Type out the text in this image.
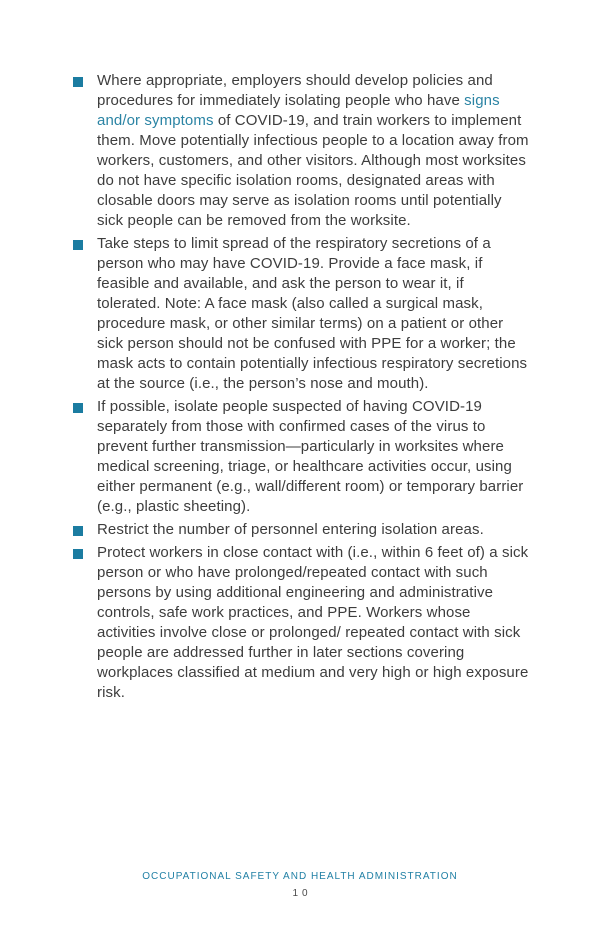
Where appropriate, employers should develop policies and procedures for immediately isolating people who have signs and/or symptoms of COVID-19, and train workers to implement them. Move potentially infectious people to a location away from workers, customers, and other visitors. Although most worksites do not have specific isolation rooms, designated areas with closable doors may serve as isolation rooms until potentially sick people can be removed from the worksite.
Take steps to limit spread of the respiratory secretions of a person who may have COVID-19. Provide a face mask, if feasible and available, and ask the person to wear it, if tolerated. Note: A face mask (also called a surgical mask, procedure mask, or other similar terms) on a patient or other sick person should not be confused with PPE for a worker; the mask acts to contain potentially infectious respiratory secretions at the source (i.e., the person’s nose and mouth).
If possible, isolate people suspected of having COVID-19 separately from those with confirmed cases of the virus to prevent further transmission—particularly in worksites where medical screening, triage, or healthcare activities occur, using either permanent (e.g., wall/different room) or temporary barrier (e.g., plastic sheeting).
Restrict the number of personnel entering isolation areas.
Protect workers in close contact with (i.e., within 6 feet of) a sick person or who have prolonged/repeated contact with such persons by using additional engineering and administrative controls, safe work practices, and PPE. Workers whose activities involve close or prolonged/ repeated contact with sick people are addressed further in later sections covering workplaces classified at medium and very high or high exposure risk.
OCCUPATIONAL SAFETY AND HEALTH ADMINISTRATION
10
